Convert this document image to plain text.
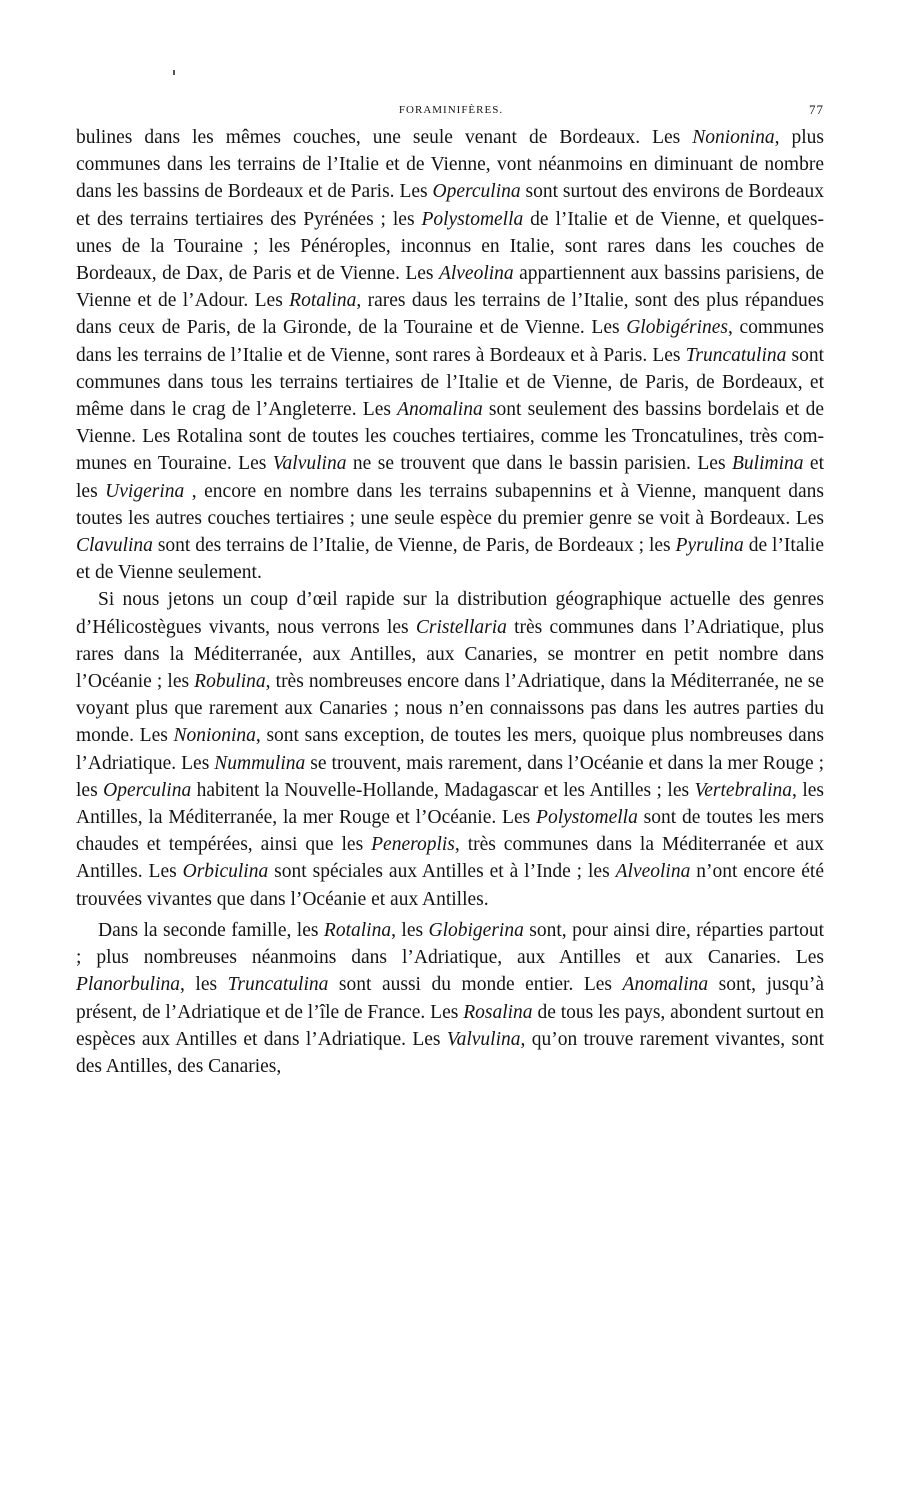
FORAMINIFÈRES.	77

bulines dans les mêmes couches, une seule venant de Bordeaux. Les Nonionina, plus communes dans les terrains de l’Italie et de Vienne, vont néanmoins en diminuant de nombre dans les bassins de Bordeaux et de Paris. Les Operculina sont surtout des environs de Bordeaux et des terrains tertiaires des Pyrénées ; les Polystomella de l’Italie et de Vienne, et quelques-unes de la Touraine ; les Pénéroples, inconnus en Italie, sont rares dans les couches de Bordeaux, de Dax, de Paris et de Vienne. Les Alveolina appartiennent aux bassins parisiens, de Vienne et de l’Adour. Les Rotalina, rares daus les terrains de l’Italie, sont des plus répandues dans ceux de Paris, de la Gironde, de la Touraine et de Vienne. Les Globigérines, communes dans les terrains de l’Italie et de Vienne, sont rares à Bordeaux et à Paris. Les Truncatulina sont communes dans tous les terrains tertiaires de l’Italie et de Vienne, de Paris, de Bordeaux, et même dans le crag de l’Angleterre. Les Anomalina sont seulement des bassins bordelais et de Vienne. Les Rotalina sont de toutes les couches tertiaires, comme les Troncatulines, très communes en Touraine. Les Valvulina ne se trouvent que dans le bassin parisien. Les Bulimina et les Uvigerina , encore en nombre dans les terrains subapennins et à Vienne, manquent dans toutes les autres couches tertiaires ; une seule espèce du premier genre se voit à Bordeaux. Les Clavulina sont des terrains de l’Italie, de Vienne, de Paris, de Bordeaux ; les Pyrulina de l’Italie et de Vienne seulement.

Si nous jetons un coup d’œil rapide sur la distribution géographique actuelle des genres d’Hélicostègues vivants, nous verrons les Cristellaria très communes dans l’Adriatique, plus rares dans la Méditerranée, aux Antilles, aux Canaries, se montrer en petit nombre dans l’Océanie ; les Robulina, très nombreuses encore dans l’Adriatique, dans la Méditerranée, ne se voyant plus que rarement aux Canaries ; nous n’en connaissons pas dans les autres parties du monde. Les Nonionina, sont sans exception, de toutes les mers, quoique plus nombreuses dans l’Adriatique. Les Nummulina se trouvent, mais rarement, dans l’Océanie et dans la mer Rouge ; les Operculina habitent la Nouvelle-Hollande, Madagascar et les Antilles ; les Vertebralina, les Antilles, la Méditerranée, la mer Rouge et l’Océanie. Les Polystomella sont de toutes les mers chaudes et tempérées, ainsi que les Peneroplis, très communes dans la Méditerranée et aux Antilles. Les Orbiculina sont spéciales aux Antilles et à l’Inde ; les Alveolina n’ont encore été trouvées vivantes que dans l’Océanie et aux Antilles.

Dans la seconde famille, les Rotalina, les Globigerina sont, pour ainsi dire, réparties partout ; plus nombreuses néanmoins dans l’Adriatique, aux Antilles et aux Canaries. Les Planorbulina, les Truncatulina sont aussi du monde entier. Les Anomalina sont, jusqu’à présent, de l’Adriatique et de l’île de France. Les Rosalina de tous les pays, abondent surtout en espèces aux Antilles et dans l’Adriatique. Les Valvulina, qu’on trouve rarement vivantes, sont des Antilles, des Canaries,
